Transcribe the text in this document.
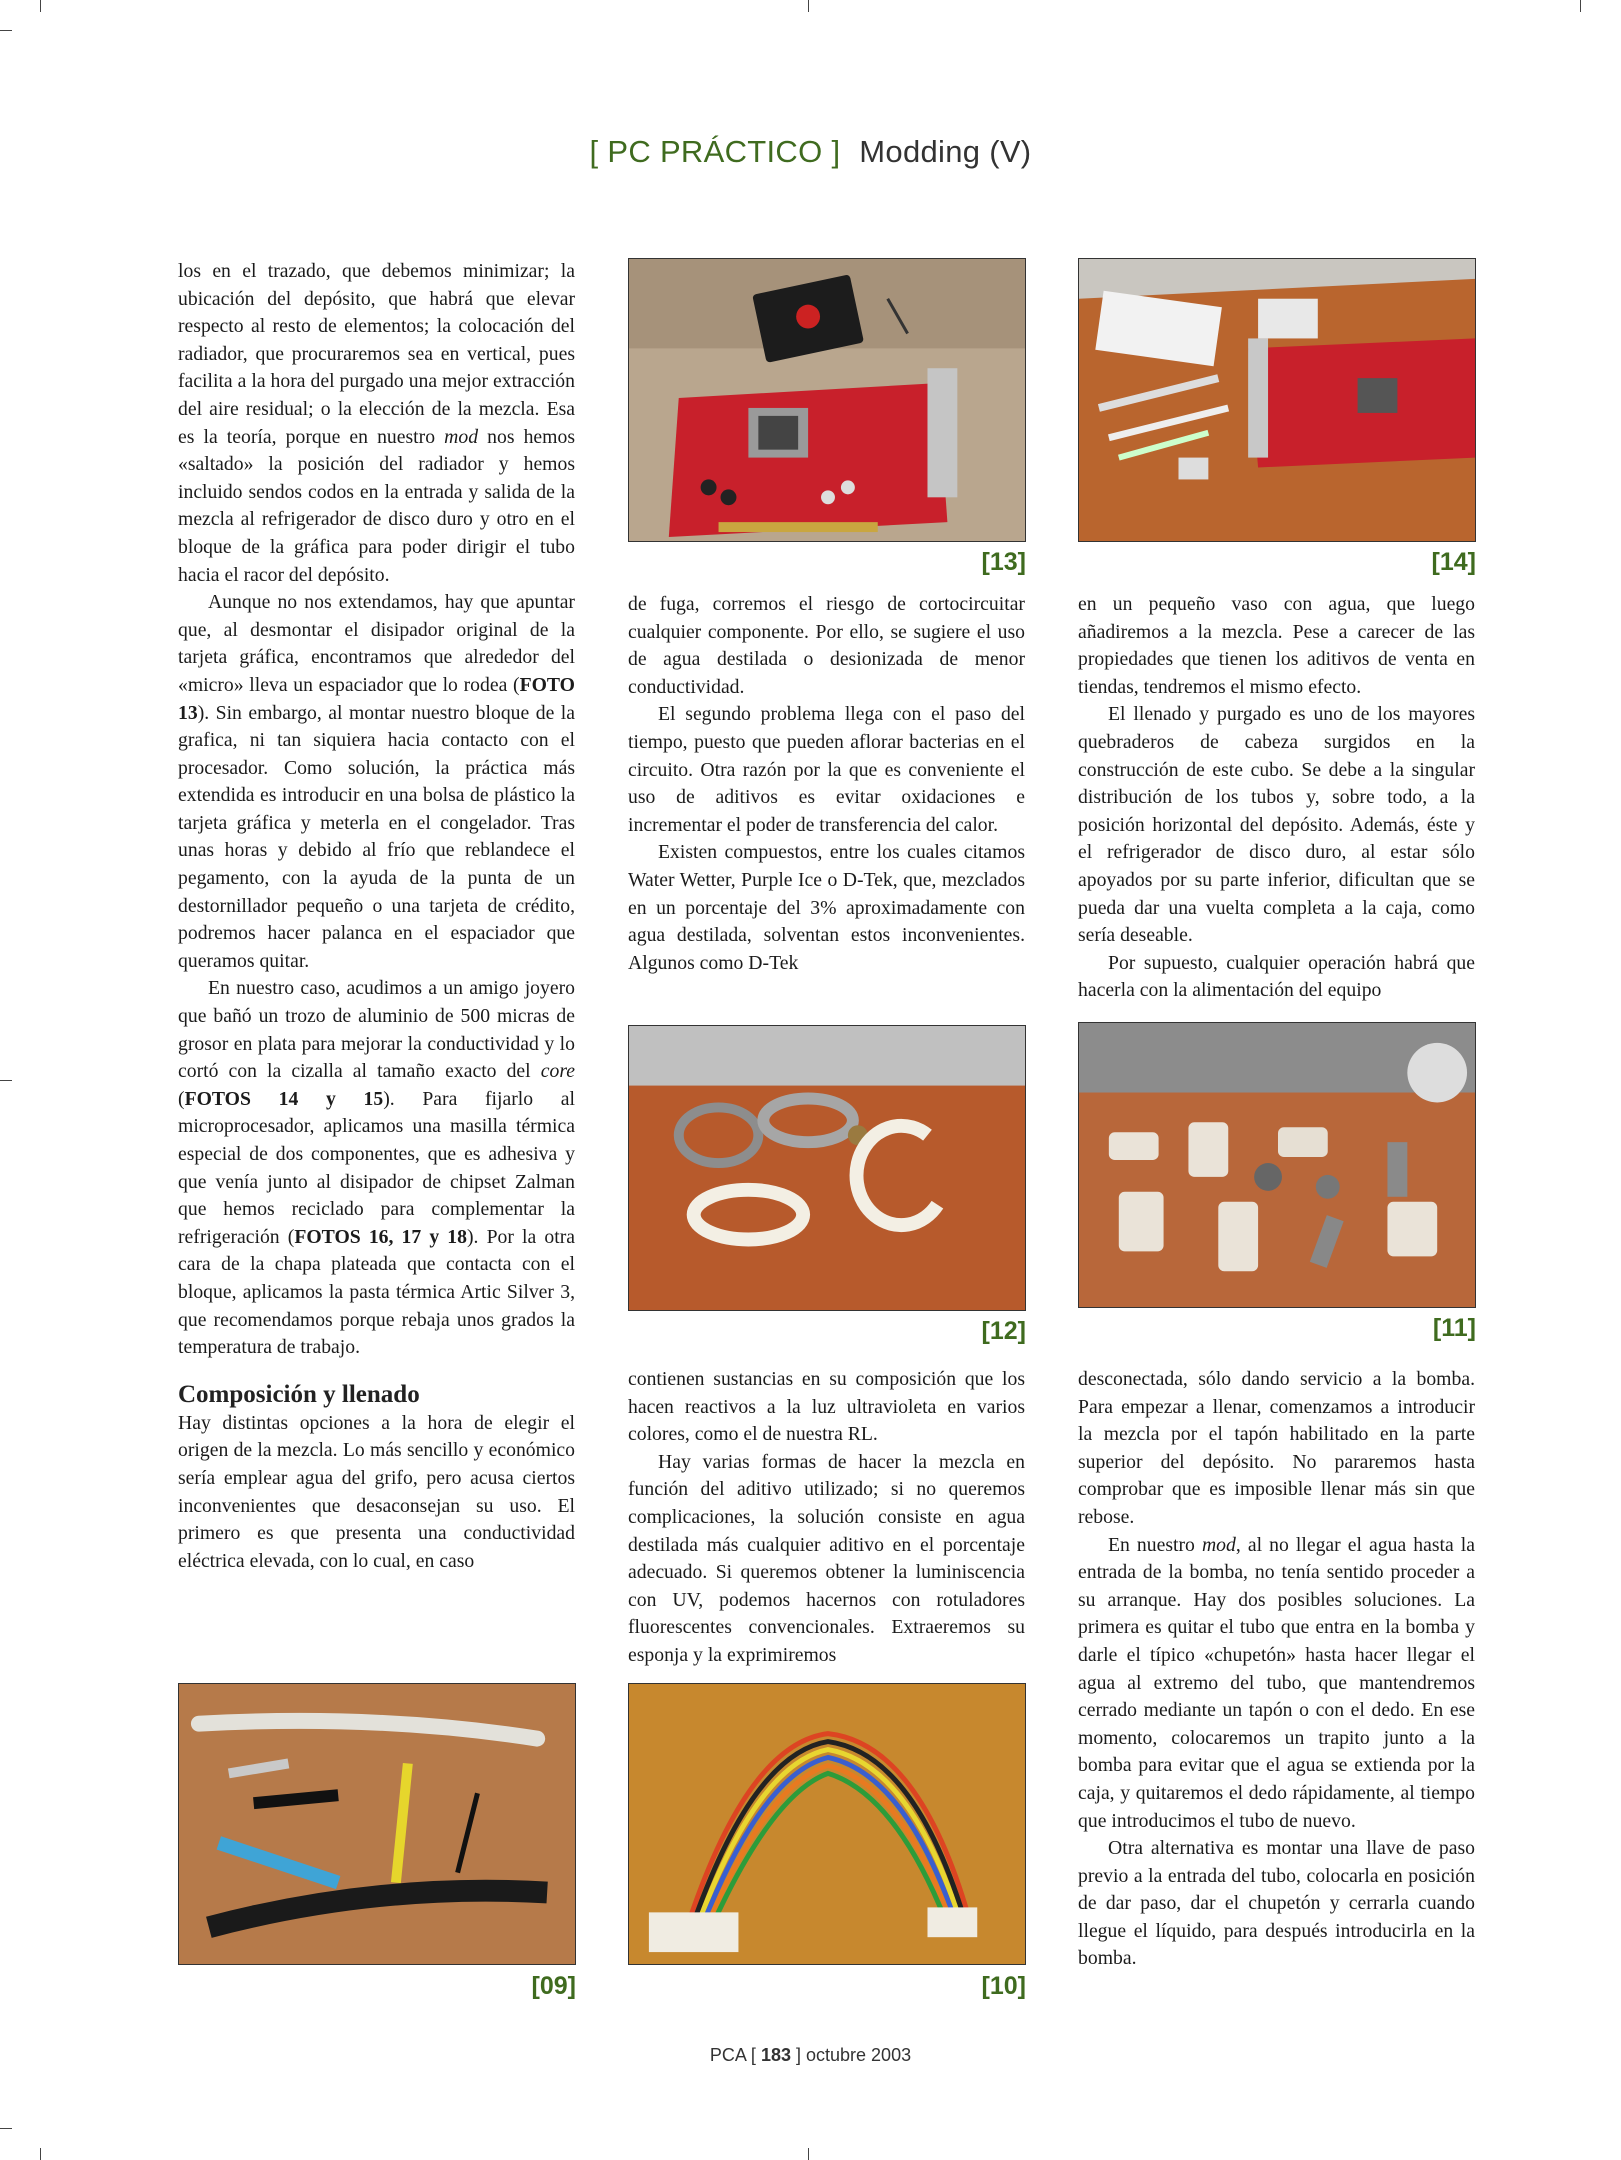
[ PC PRÁCTICO ] Modding (V)

los en el trazado, que debemos minimizar; la ubicación del depósito, que habrá que elevar respecto al resto de elementos; la colocación del radiador, que procuraremos sea en vertical, pues facilita a la hora del purgado una mejor extracción del aire residual; o la elección de la mezcla. Esa es la teoría, porque en nuestro mod nos hemos «saltado» la posición del radiador y hemos incluido sendos codos en la entrada y salida de la mezcla al refrigerador de disco duro y otro en el bloque de la gráfica para poder dirigir el tubo hacia el racor del depósito.

Aunque no nos extendamos, hay que apuntar que, al desmontar el disipador original de la tarjeta gráfica, encontramos que alrededor del «micro» lleva un espaciador que lo rodea (FOTO 13). Sin embargo, al montar nuestro bloque de la grafica, ni tan siquiera hacia contacto con el procesador. Como solución, la práctica más extendida es introducir en una bolsa de plástico la tarjeta gráfica y meterla en el congelador. Tras unas horas y debido al frío que reblandece el pegamento, con la ayuda de la punta de un destornillador pequeño o una tarjeta de crédito, podremos hacer palanca en el espaciador que queramos quitar.

En nuestro caso, acudimos a un amigo joyero que bañó un trozo de aluminio de 500 micras de grosor en plata para mejorar la conductividad y lo cortó con la cizalla al tamaño exacto del core (FOTOS 14 y 15). Para fijarlo al microprocesador, aplicamos una masilla térmica especial de dos componentes, que es adhesiva y que venía junto al disipador de chipset Zalman que hemos reciclado para complementar la refrigeración (FOTOS 16, 17 y 18). Por la otra cara de la chapa plateada que contacta con el bloque, aplicamos la pasta térmica Artic Silver 3, que recomendamos porque rebaja unos grados la temperatura de trabajo.

Composición y llenado

Hay distintas opciones a la hora de elegir el origen de la mezcla. Lo más sencillo y económico sería emplear agua del grifo, pero acusa ciertos inconvenientes que desaconsejan su uso. El primero es que presenta una conductividad eléctrica elevada, con lo cual, en caso

de fuga, corremos el riesgo de cortocircuitar cualquier componente. Por ello, se sugiere el uso de agua destilada o desionizada de menor conductividad.

El segundo problema llega con el paso del tiempo, puesto que pueden aflorar bacterias en el circuito. Otra razón por la que es conveniente el uso de aditivos es evitar oxidaciones e incrementar el poder de transferencia del calor.

Existen compuestos, entre los cuales citamos Water Wetter, Purple Ice o D-Tek, que, mezclados en un porcentaje del 3% aproximadamente con agua destilada, solventan estos inconvenientes. Algunos como D-Tek

contienen sustancias en su composición que los hacen reactivos a la luz ultravioleta en varios colores, como el de nuestra RL.

Hay varias formas de hacer la mezcla en función del aditivo utilizado; si no queremos complicaciones, la solución consiste en agua destilada más cualquier aditivo en el porcentaje adecuado. Si queremos obtener la luminiscencia con UV, podemos hacernos con rotuladores fluorescentes convencionales. Extraeremos su esponja y la exprimiremos

en un pequeño vaso con agua, que luego añadiremos a la mezcla. Pese a carecer de las propiedades que tienen los aditivos de venta en tiendas, tendremos el mismo efecto.

El llenado y purgado es uno de los mayores quebraderos de cabeza surgidos en la construcción de este cubo. Se debe a la singular distribución de los tubos y, sobre todo, a la posición horizontal del depósito. Además, éste y el refrigerador de disco duro, al estar sólo apoyados por su parte inferior, dificultan que se pueda dar una vuelta completa a la caja, como sería deseable.

Por supuesto, cualquier operación habrá que hacerla con la alimentación del equipo

desconectada, sólo dando servicio a la bomba. Para empezar a llenar, comenzamos a introducir la mezcla por el tapón habilitado en la parte superior del depósito. No pararemos hasta comprobar que es imposible llenar más sin que rebose.

En nuestro mod, al no llegar el agua hasta la entrada de la bomba, no tenía sentido proceder a su arranque. Hay dos posibles soluciones. La primera es quitar el tubo que entra en la bomba y darle el típico «chupetón» hasta hacer llegar el agua al extremo del tubo, que mantendremos cerrado mediante un tapón o con el dedo. En ese momento, colocaremos un trapito junto a la bomba para evitar que el agua se extienda por la caja, y quitaremos el dedo rápidamente, al tiempo que introducimos el tubo de nuevo.

Otra alternativa es montar una llave de paso previo a la entrada del tubo, colocarla en posición de dar paso, dar el chupetón y cerrarla cuando llegue el líquido, para después introducirla en la bomba.

[13]	[14]
[12]	[11]
[09]	[10]
PCA [ 183 ] octubre 2003
